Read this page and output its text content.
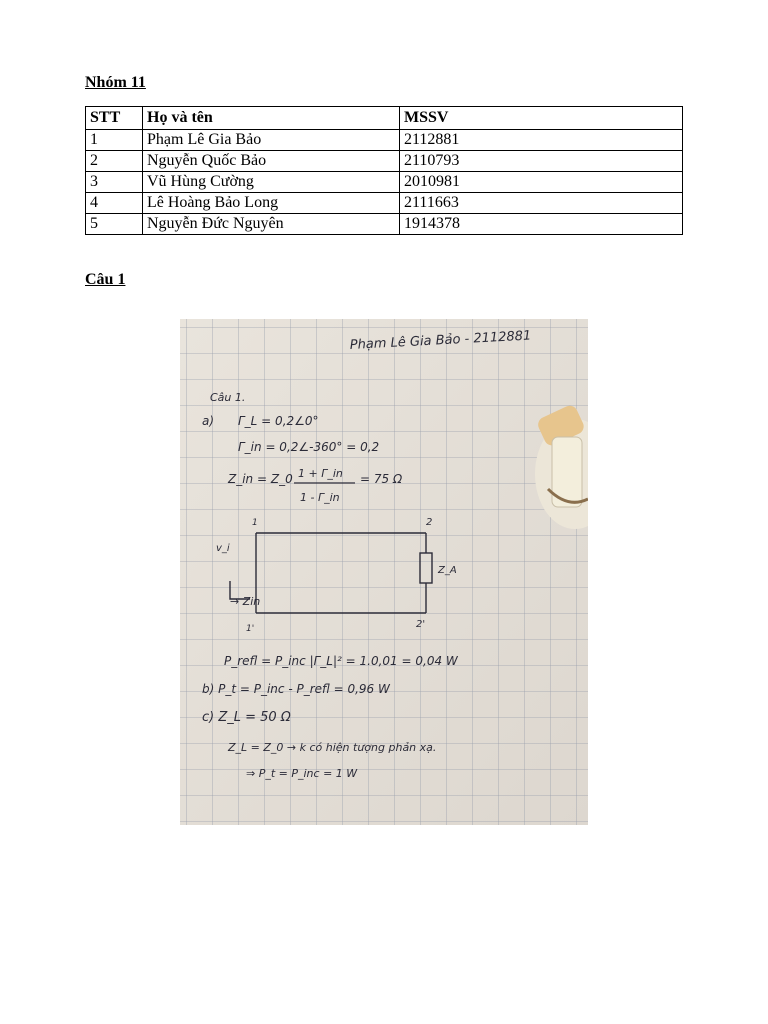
Nhóm 11
STT	Họ và tên	MSSV
1	Phạm Lê Gia Bảo	2112881
2	Nguyễn Quốc Bảo	2110793
3	Vũ Hùng Cường	2010981
4	Lê Hoàng Bảo Long	2111663
5	Nguyễn Đức Nguyên	1914378
Câu 1
Phạm Lê Gia Bảo - 2112881
Câu 1.
a) Γ_L = 0,2∠0°
Γ_in = 0,2∠-360° = 0,2
Z_in = Z_0 1 + Γ_in
1 - Γ_in
= 75 Ω
1	2
1'	2'
v_i
Z_A
→ Zin
P_refl = P_inc |Γ_L|² = 1.0,01 = 0,04 W
b) P_t = P_inc - P_refl = 0,96 W
c) Z_L = 50 Ω
Z_L = Z_0 → k có hiện tượng phản xạ.
⇒ P_t = P_inc = 1 W
